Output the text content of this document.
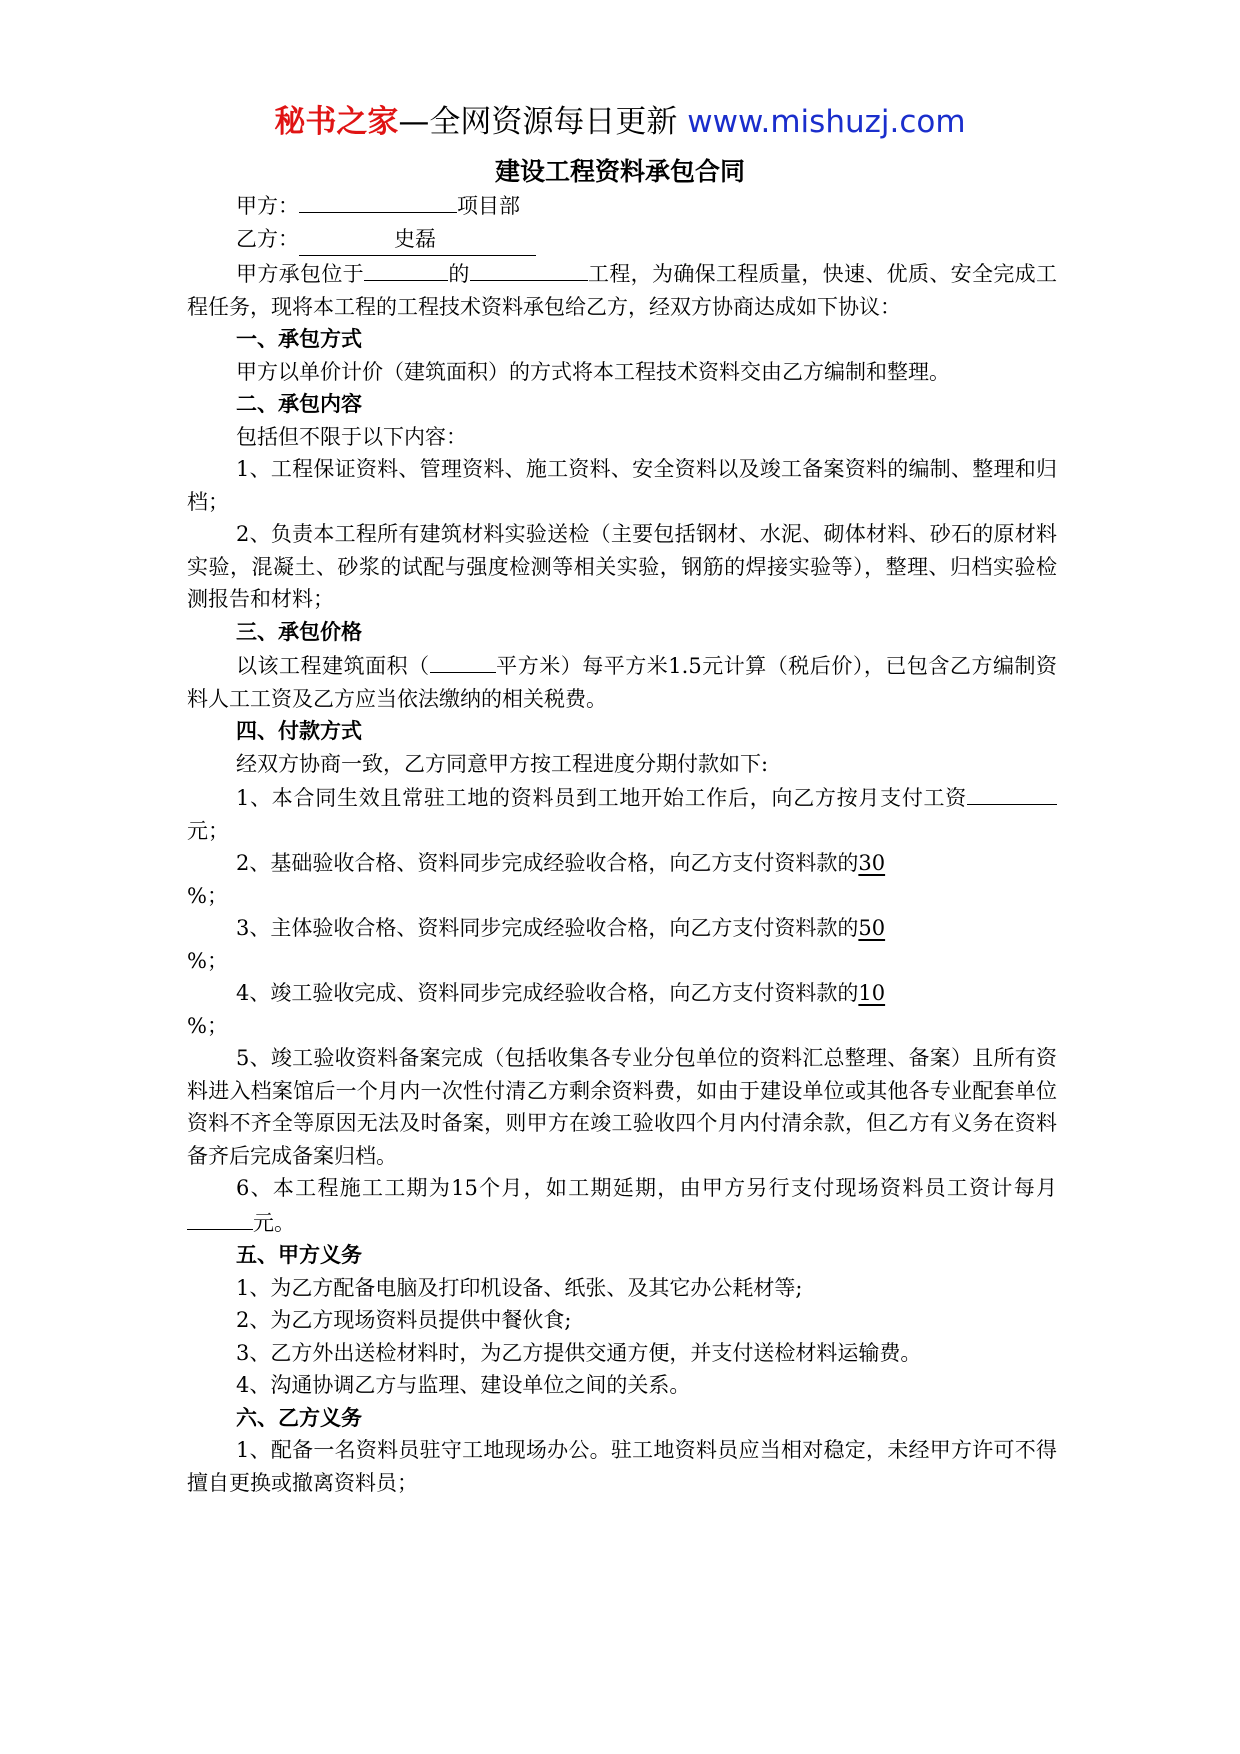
秘书之家—全网资源每日更新 www.mishuzj.com
建设工程资料承包合同

甲方：	项目部

乙方：	史磊

甲方承包位于	的	工程，为确保工程质量，快速、优质、安全完成工程任务，现将本工程的工程技术资料承包给乙方，经双方协商达成如下协议：

一、承包方式

甲方以单价计价（建筑面积）的方式将本工程技术资料交由乙方编制和整理。

二、承包内容

包括但不限于以下内容：

1、工程保证资料、管理资料、施工资料、安全资料以及竣工备案资料的编制、整理和归档；

2、负责本工程所有建筑材料实验送检（主要包括钢材、水泥、砌体材料、砂石的原材料实验，混凝土、砂浆的试配与强度检测等相关实验，钢筋的焊接实验等），整理、归档实验检测报告和材料；

三、承包价格

以该工程建筑面积（	平方米）每平方米1.5元计算（税后价），已包含乙方编制资料人工工资及乙方应当依法缴纳的相关税费。

四、付款方式

经双方协商一致，乙方同意甲方按工程进度分期付款如下:

1、本合同生效且常驻工地的资料员到工地开始工作后，向乙方按月支付工资元；

2、基础验收合格、资料同步完成经验收合格，向乙方支付资料款的30
%；

3、主体验收合格、资料同步完成经验收合格，向乙方支付资料款的50
%；

4、竣工验收完成、资料同步完成经验收合格，向乙方支付资料款的10
%；

5、竣工验收资料备案完成（包括收集各专业分包单位的资料汇总整理、备案）且所有资料进入档案馆后一个月内一次性付清乙方剩余资料费，如由于建设单位或其他各专业配套单位资料不齐全等原因无法及时备案，则甲方在竣工验收四个月内付清余款，但乙方有义务在资料备齐后完成备案归档。

6、本工程施工工期为15个月，如工期延期，由甲方另行支付现场资料员工资计每月元。

五、甲方义务

1、为乙方配备电脑及打印机设备、纸张、及其它办公耗材等;

2、为乙方现场资料员提供中餐伙食;

3、乙方外出送检材料时，为乙方提供交通方便，并支付送检材料运输费。

4、沟通协调乙方与监理、建设单位之间的关系。

六、乙方义务

1、配备一名资料员驻守工地现场办公。驻工地资料员应当相对稳定，未经甲方许可不得擅自更换或撤离资料员；
